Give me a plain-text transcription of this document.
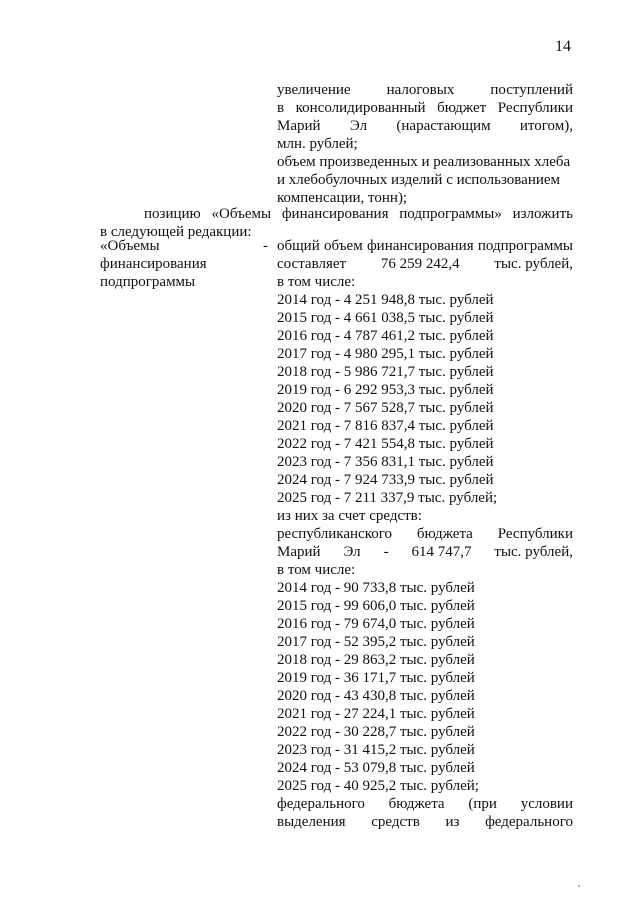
14
увеличение налоговых поступлений
в консолидированный бюджет Республики
Марий Эл (нарастающим итогом),
млн. рублей;
объем произведенных и реализованных хлеба
и хлебобулочных изделий с использованием
компенсации, тонн);
позицию «Объемы финансирования подпрограммы» изложить
в следующей редакции:
«Объемы	-
финансирования
подпрограммы
общий объем финансирования подпрограммы
составляет 76 259 242,4 тыс. рублей,
в том числе:
2014 год - 4 251 948,8 тыс. рублей
2015 год - 4 661 038,5 тыс. рублей
2016 год - 4 787 461,2 тыс. рублей
2017 год - 4 980 295,1 тыс. рублей
2018 год - 5 986 721,7 тыс. рублей
2019 год - 6 292 953,3 тыс. рублей
2020 год - 7 567 528,7 тыс. рублей
2021 год - 7 816 837,4 тыс. рублей
2022 год - 7 421 554,8 тыс. рублей
2023 год - 7 356 831,1 тыс. рублей
2024 год - 7 924 733,9 тыс. рублей
2025 год - 7 211 337,9 тыс. рублей;
из них за счет средств:
республиканского бюджета Республики
Марий Эл - 614 747,7 тыс. рублей,
в том числе:
2014 год - 90 733,8 тыс. рублей
2015 год - 99 606,0 тыс. рублей
2016 год - 79 674,0 тыс. рублей
2017 год - 52 395,2 тыс. рублей
2018 год - 29 863,2 тыс. рублей
2019 год - 36 171,7 тыс. рублей
2020 год - 43 430,8 тыс. рублей
2021 год - 27 224,1 тыс. рублей
2022 год - 30 228,7 тыс. рублей
2023 год - 31 415,2 тыс. рублей
2024 год - 53 079,8 тыс. рублей
2025 год - 40 925,2 тыс. рублей;
федерального бюджета (при условии
выделения средств из федерального
